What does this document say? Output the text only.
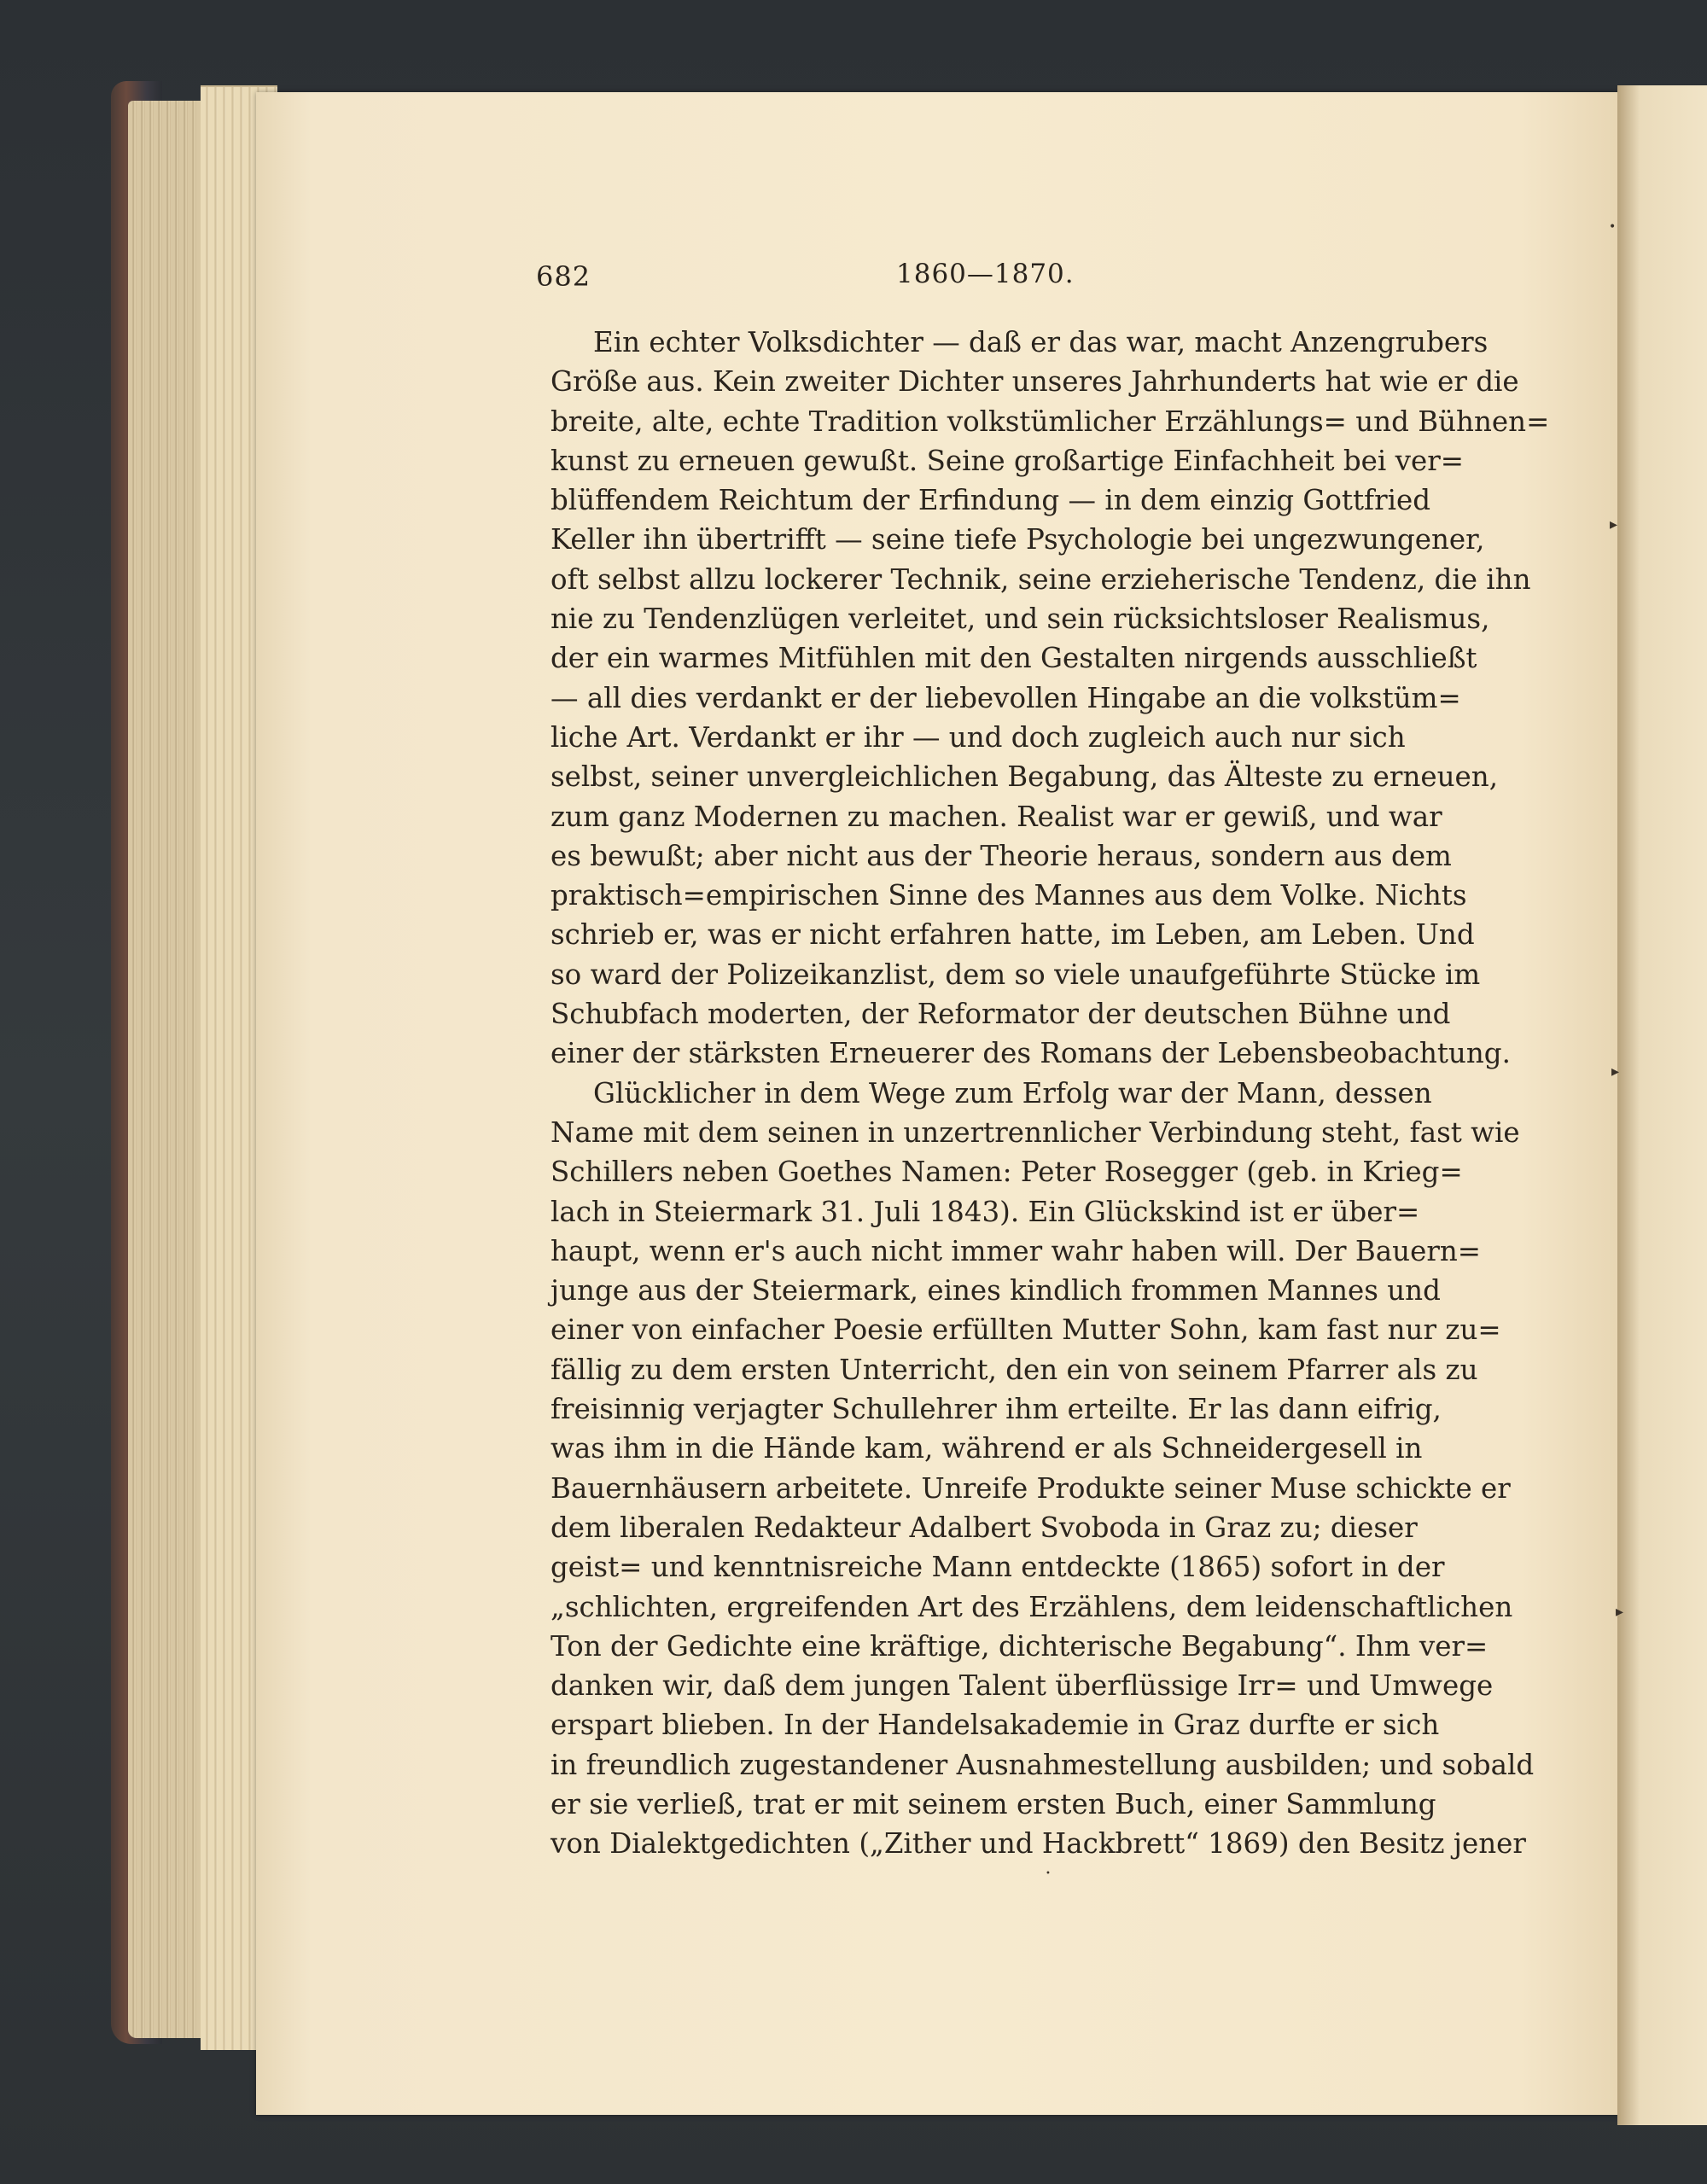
682	1860—1870.
Ein echter Volksdichter — daß er das war, macht Anzengrubers
Größe aus. Kein zweiter Dichter unseres Jahrhunderts hat wie er die
breite, alte, echte Tradition volkstümlicher Erzählungs= und Bühnen=
kunst zu erneuen gewußt. Seine großartige Einfachheit bei ver=
blüffendem Reichtum der Erfindung — in dem einzig Gottfried
Keller ihn übertrifft — seine tiefe Psychologie bei ungezwungener,
oft selbst allzu lockerer Technik, seine erzieherische Tendenz, die ihn
nie zu Tendenzlügen verleitet, und sein rücksichtsloser Realismus,
der ein warmes Mitfühlen mit den Gestalten nirgends ausschließt
— all dies verdankt er der liebevollen Hingabe an die volkstüm=
liche Art. Verdankt er ihr — und doch zugleich auch nur sich
selbst, seiner unvergleichlichen Begabung, das Älteste zu erneuen,
zum ganz Modernen zu machen. Realist war er gewiß, und war
es bewußt; aber nicht aus der Theorie heraus, sondern aus dem
praktisch=empirischen Sinne des Mannes aus dem Volke. Nichts
schrieb er, was er nicht erfahren hatte, im Leben, am Leben. Und
so ward der Polizeikanzlist, dem so viele unaufgeführte Stücke im
Schubfach moderten, der Reformator der deutschen Bühne und
einer der stärksten Erneuerer des Romans der Lebensbeobachtung.
Glücklicher in dem Wege zum Erfolg war der Mann, dessen
Name mit dem seinen in unzertrennlicher Verbindung steht, fast wie
Schillers neben Goethes Namen: Peter Rosegger (geb. in Krieg=
lach in Steiermark 31. Juli 1843). Ein Glückskind ist er über=
haupt, wenn er's auch nicht immer wahr haben will. Der Bauern=
junge aus der Steiermark, eines kindlich frommen Mannes und
einer von einfacher Poesie erfüllten Mutter Sohn, kam fast nur zu=
fällig zu dem ersten Unterricht, den ein von seinem Pfarrer als zu
freisinnig verjagter Schullehrer ihm erteilte. Er las dann eifrig,
was ihm in die Hände kam, während er als Schneidergesell in
Bauernhäusern arbeitete. Unreife Produkte seiner Muse schickte er
dem liberalen Redakteur Adalbert Svoboda in Graz zu; dieser
geist= und kenntnisreiche Mann entdeckte (1865) sofort in der
„schlichten, ergreifenden Art des Erzählens, dem leidenschaftlichen
Ton der Gedichte eine kräftige, dichterische Begabung“. Ihm ver=
danken wir, daß dem jungen Talent überflüssige Irr= und Umwege
erspart blieben. In der Handelsakademie in Graz durfte er sich
in freundlich zugestandener Ausnahmestellung ausbilden; und sobald
er sie verließ, trat er mit seinem ersten Buch, einer Sammlung
von Dialektgedichten („Zither und Hackbrett“ 1869) den Besitz jener
•
▸
▸
▸
•
